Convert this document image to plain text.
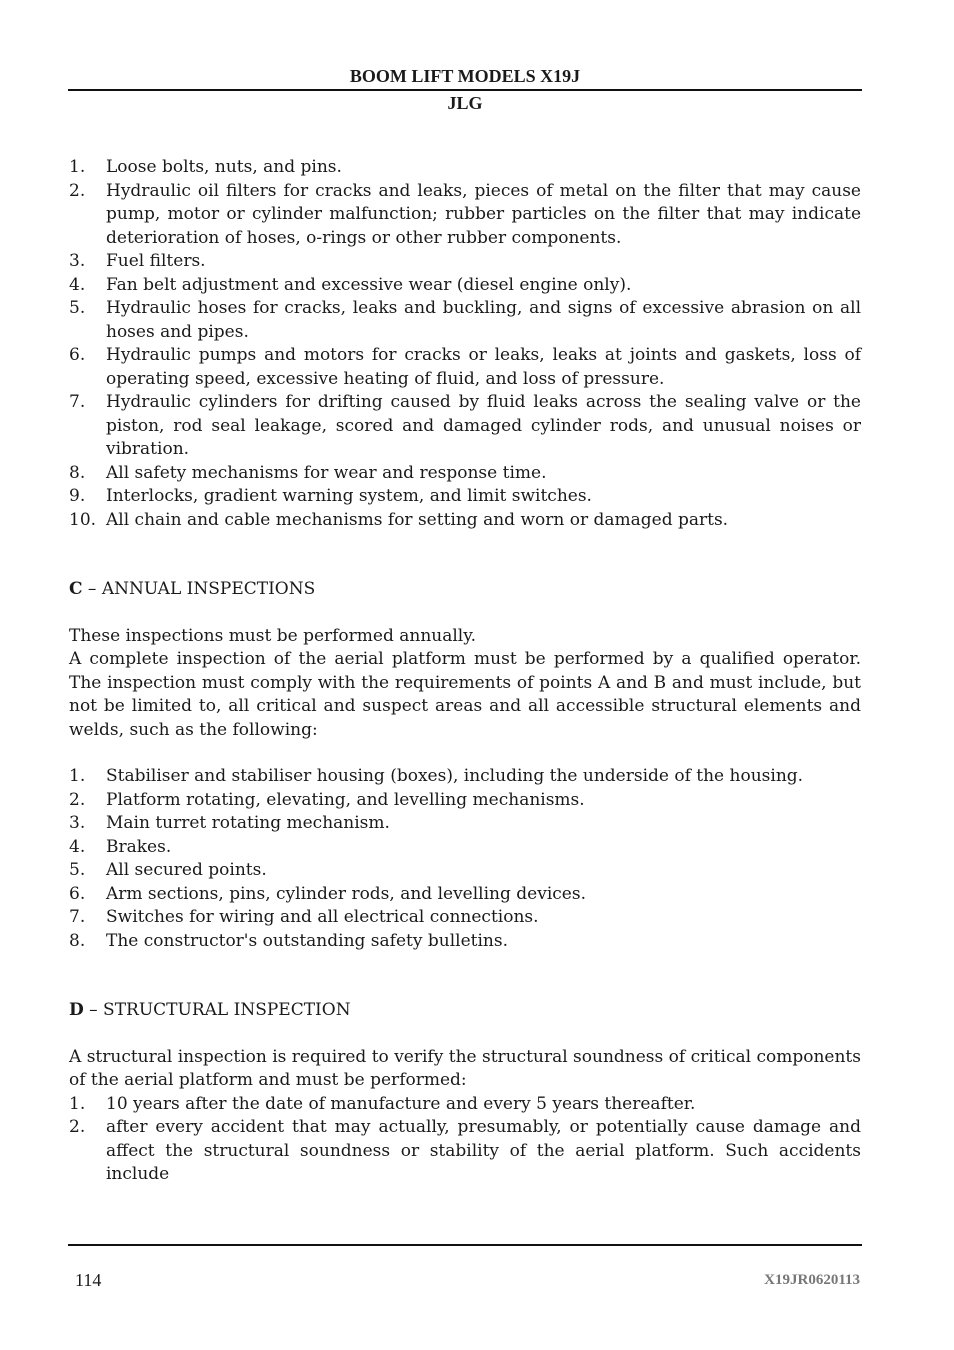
BOOM LIFT MODELS X19J
JLG
1. Loose bolts, nuts, and pins.
2. Hydraulic oil filters for cracks and leaks, pieces of metal on the filter that may cause pump, motor or cylinder malfunction; rubber particles on the filter that may indicate deterioration of hoses, o-rings or other rubber components.
3. Fuel filters.
4. Fan belt adjustment and excessive wear (diesel engine only).
5. Hydraulic hoses for cracks, leaks and buckling, and signs of excessive abrasion on all hoses and pipes.
6. Hydraulic pumps and motors for cracks or leaks, leaks at joints and gaskets, loss of operating speed, excessive heating of fluid, and loss of pressure.
7. Hydraulic cylinders for drifting caused by fluid leaks across the sealing valve or the piston, rod seal leakage, scored and damaged cylinder rods, and unusual noises or vibration.
8. All safety mechanisms for wear and response time.
9. Interlocks, gradient warning system, and limit switches.
10. All chain and cable mechanisms for setting and worn or damaged parts.
C – ANNUAL INSPECTIONS

These inspections must be performed annually.

A complete inspection of the aerial platform must be performed by a qualified operator. The inspection must comply with the requirements of points A and B and must include, but not be limited to, all critical and suspect areas and all accessible structural elements and welds, such as the following:

1. Stabiliser and stabiliser housing (boxes), including the underside of the housing.
2. Platform rotating, elevating, and levelling mechanisms.
3. Main turret rotating mechanism.
4. Brakes.
5. All secured points.
6. Arm sections, pins, cylinder rods, and levelling devices.
7. Switches for wiring and all electrical connections.
8. The constructor's outstanding safety bulletins.
D – STRUCTURAL INSPECTION

A structural inspection is required to verify the structural soundness of critical components of the aerial platform and must be performed:

1. 10 years after the date of manufacture and every 5 years thereafter.
2. after every accident that may actually, presumably, or potentially cause damage and affect the structural soundness or stability of the aerial platform. Such accidents include
114	X19JR0620113
